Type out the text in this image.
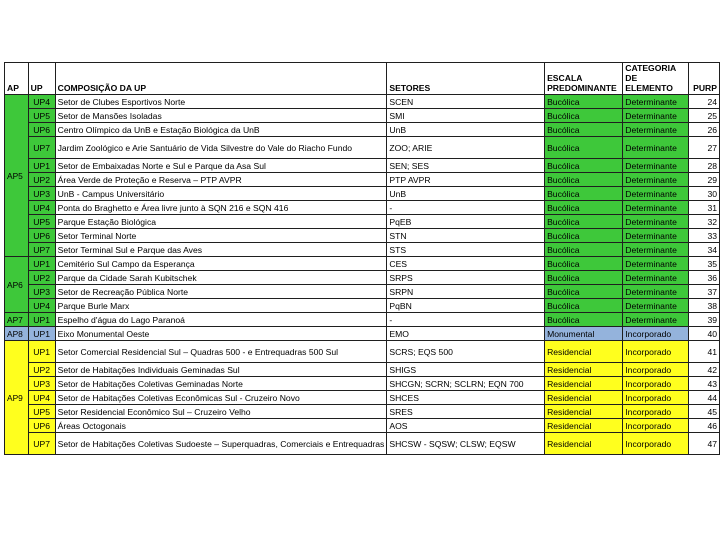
AP	UP	COMPOSIÇÃO DA UP	SETORES	ESCALA PREDOMINANTE	CATEGORIA DE ELEMENTO	PURP
AP5	UP4	Setor de Clubes Esportivos Norte	SCEN	Bucólica	Determinante	24
	UP5	Setor de Mansões Isoladas	SMI	Bucólica	Determinante	25
	UP6	Centro Olímpico da UnB e Estação Biológica da UnB	UnB	Bucólica	Determinante	26
	UP7	Jardim Zoológico e Arie Santuário de Vida Silvestre do Vale do Riacho Fundo	ZOO; ARIE	Bucólica	Determinante	27
	UP1	Setor de Embaixadas Norte e Sul e Parque da Asa Sul	SEN; SES	Bucólica	Determinante	28
	UP2	Área Verde de Proteção e Reserva – PTP AVPR	PTP AVPR	Bucólica	Determinante	29
	UP3	UnB - Campus Universitário	UnB	Bucólica	Determinante	30
	UP4	Ponta do Braghetto e Área livre junto à SQN 216 e SQN 416	-	Bucólica	Determinante	31
	UP5	Parque Estação Biológica	PqEB	Bucólica	Determinante	32
	UP6	Setor Terminal Norte	STN	Bucólica	Determinante	33
	UP7	Setor Terminal Sul e Parque das Aves	STS	Bucólica	Determinante	34
AP6	UP1	Cemitério Sul Campo da Esperança	CES	Bucólica	Determinante	35
	UP2	Parque da Cidade Sarah Kubitschek	SRPS	Bucólica	Determinante	36
	UP3	Setor de Recreação Pública Norte	SRPN	Bucólica	Determinante	37
	UP4	Parque Burle Marx	PqBN	Bucólica	Determinante	38
AP7	UP1	Espelho d'água do Lago Paranoá	-	Bucólica	Determinante	39
AP8	UP1	Eixo Monumental Oeste	EMO	Monumental	Incorporado	40
AP9	UP1	Setor Comercial Residencial Sul – Quadras 500 - e Entrequadras 500 Sul	SCRS; EQS 500	Residencial	Incorporado	41
	UP2	Setor de Habitações Individuais Geminadas Sul	SHIGS	Residencial	Incorporado	42
	UP3	Setor de Habitações Coletivas Geminadas Norte	SHCGN; SCRN; SCLRN; EQN 700	Residencial	Incorporado	43
	UP4	Setor de Habitações Coletivas Econômicas Sul - Cruzeiro Novo	SHCES	Residencial	Incorporado	44
	UP5	Setor Residencial Econômico Sul – Cruzeiro Velho	SRES	Residencial	Incorporado	45
	UP6	Áreas Octogonais	AOS	Residencial	Incorporado	46
	UP7	Setor de Habitações Coletivas Sudoeste – Superquadras, Comerciais e Entrequadras	SHCSW - SQSW; CLSW; EQSW	Residencial	Incorporado	47
